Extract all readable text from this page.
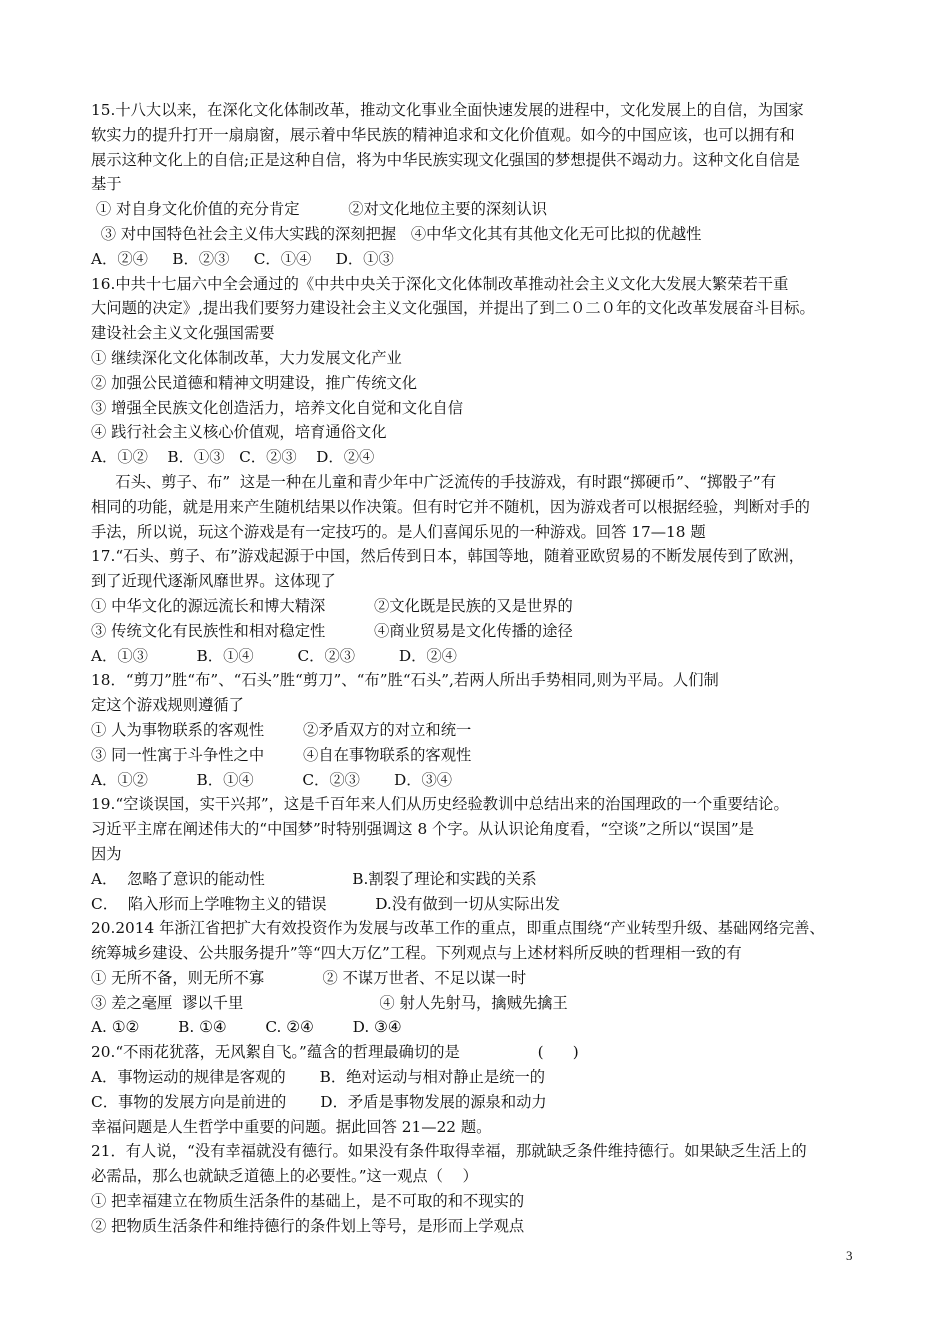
15.十八大以来，在深化文化体制改革，推动文化事业全面快速发展的进程中，文化发展上的自信，为国家
软实力的提升打开一扇扇窗，展示着中华民族的精神追求和文化价值观。如今的中国应该，也可以拥有和
展示这种文化上的自信;正是这种自信，将为中华民族实现文化强国的梦想提供不竭动力。这种文化自信是
基于
① 对自身文化价值的充分肯定          ②对文化地位主要的深刻认识
③ 对中国特色社会主义伟大实践的深刻把握   ④中华文化其有其他文化无可比拟的优越性
A．②④     B．②③     C．①④     D．①③
16.中共十七届六中全会通过的《中共中央关于深化文化体制改革推动社会主义文化大发展大繁荣若干重
大问题的决定》,提出我们要努力建设社会主义文化强国，并提出了到二０二０年的文化改革发展奋斗目标。
建设社会主义文化强国需要
① 继续深化文化体制改革，大力发展文化产业
② 加强公民道德和精神文明建设，推广传统文化
③ 增强全民族文化创造活力，培养文化自觉和文化自信
④ 践行社会主义核心价值观，培育通俗文化
A．①②    B．①③   C．②③    D．②④
石头、剪子、布”  这是一种在儿童和青少年中广泛流传的手技游戏，有时跟“掷硬币”、“掷骰子”有
相同的功能，就是用来产生随机结果以作决策。但有时它并不随机，因为游戏者可以根据经验，判断对手的
手法，所以说，玩这个游戏是有一定技巧的。是人们喜闻乐见的一种游戏。回答 17—18 题
17.“石头、剪子、布”游戏起源于中国，然后传到日本，韩国等地，随着亚欧贸易的不断发展传到了欧洲，
到了近现代逐渐风靡世界。这体现了
① 中华文化的源远流长和博大精深          ②文化既是民族的又是世界的
③ 传统文化有民族性和相对稳定性          ④商业贸易是文化传播的途径
A．①③          B．①④         C．②③         D．②④
18．“剪刀”胜“布”、“石头”胜“剪刀”、“布”胜“石头”,若两人所出手势相同,则为平局。人们制
定这个游戏规则遵循了
① 人为事物联系的客观性        ②矛盾双方的对立和统一
③ 同一性寓于斗争性之中        ④自在事物联系的客观性
A．①②          B．①④          C．②③       D．③④
19.“空谈误国，实干兴邦”，这是千百年来人们从历史经验教训中总结出来的治国理政的一个重要结论。
习近平主席在阐述伟大的“中国梦”时特别强调这 8 个字。从认识论角度看，“空谈”之所以“误国”是
因为
A．  忽略了意识的能动性                  B.割裂了理论和实践的关系
C．  陷入形而上学唯物主义的错误          D.没有做到一切从实际出发
20.2014 年浙江省把扩大有效投资作为发展与改革工作的重点，即重点围绕“产业转型升级、基础网络完善、
统筹城乡建设、公共服务提升”等“四大万亿”工程。下列观点与上述材料所反映的哲理相一致的有
① 无所不备，则无所不寡            ② 不谋万世者、不足以谋一时
③ 差之毫厘  谬以千里                            ④ 射人先射马，擒贼先擒王
A. ①②        B. ①④        C. ②④        D. ③④
20.“不雨花犹落，无风絮自飞。”蕴含的哲理最确切的是                (      )
A．事物运动的规律是客观的       B．绝对运动与相对静止是统一的
C．事物的发展方向是前进的       D．矛盾是事物发展的源泉和动力
幸福问题是人生哲学中重要的问题。据此回答 21—22 题。
21．有人说，“没有幸福就没有德行。如果没有条件取得幸福，那就缺乏条件维持德行。如果缺乏生活上的
必需品，那么也就缺乏道德上的必要性。”这一观点（    ）
① 把幸福建立在物质生活条件的基础上，是不可取的和不现实的
② 把物质生活条件和维持德行的条件划上等号，是形而上学观点
3
